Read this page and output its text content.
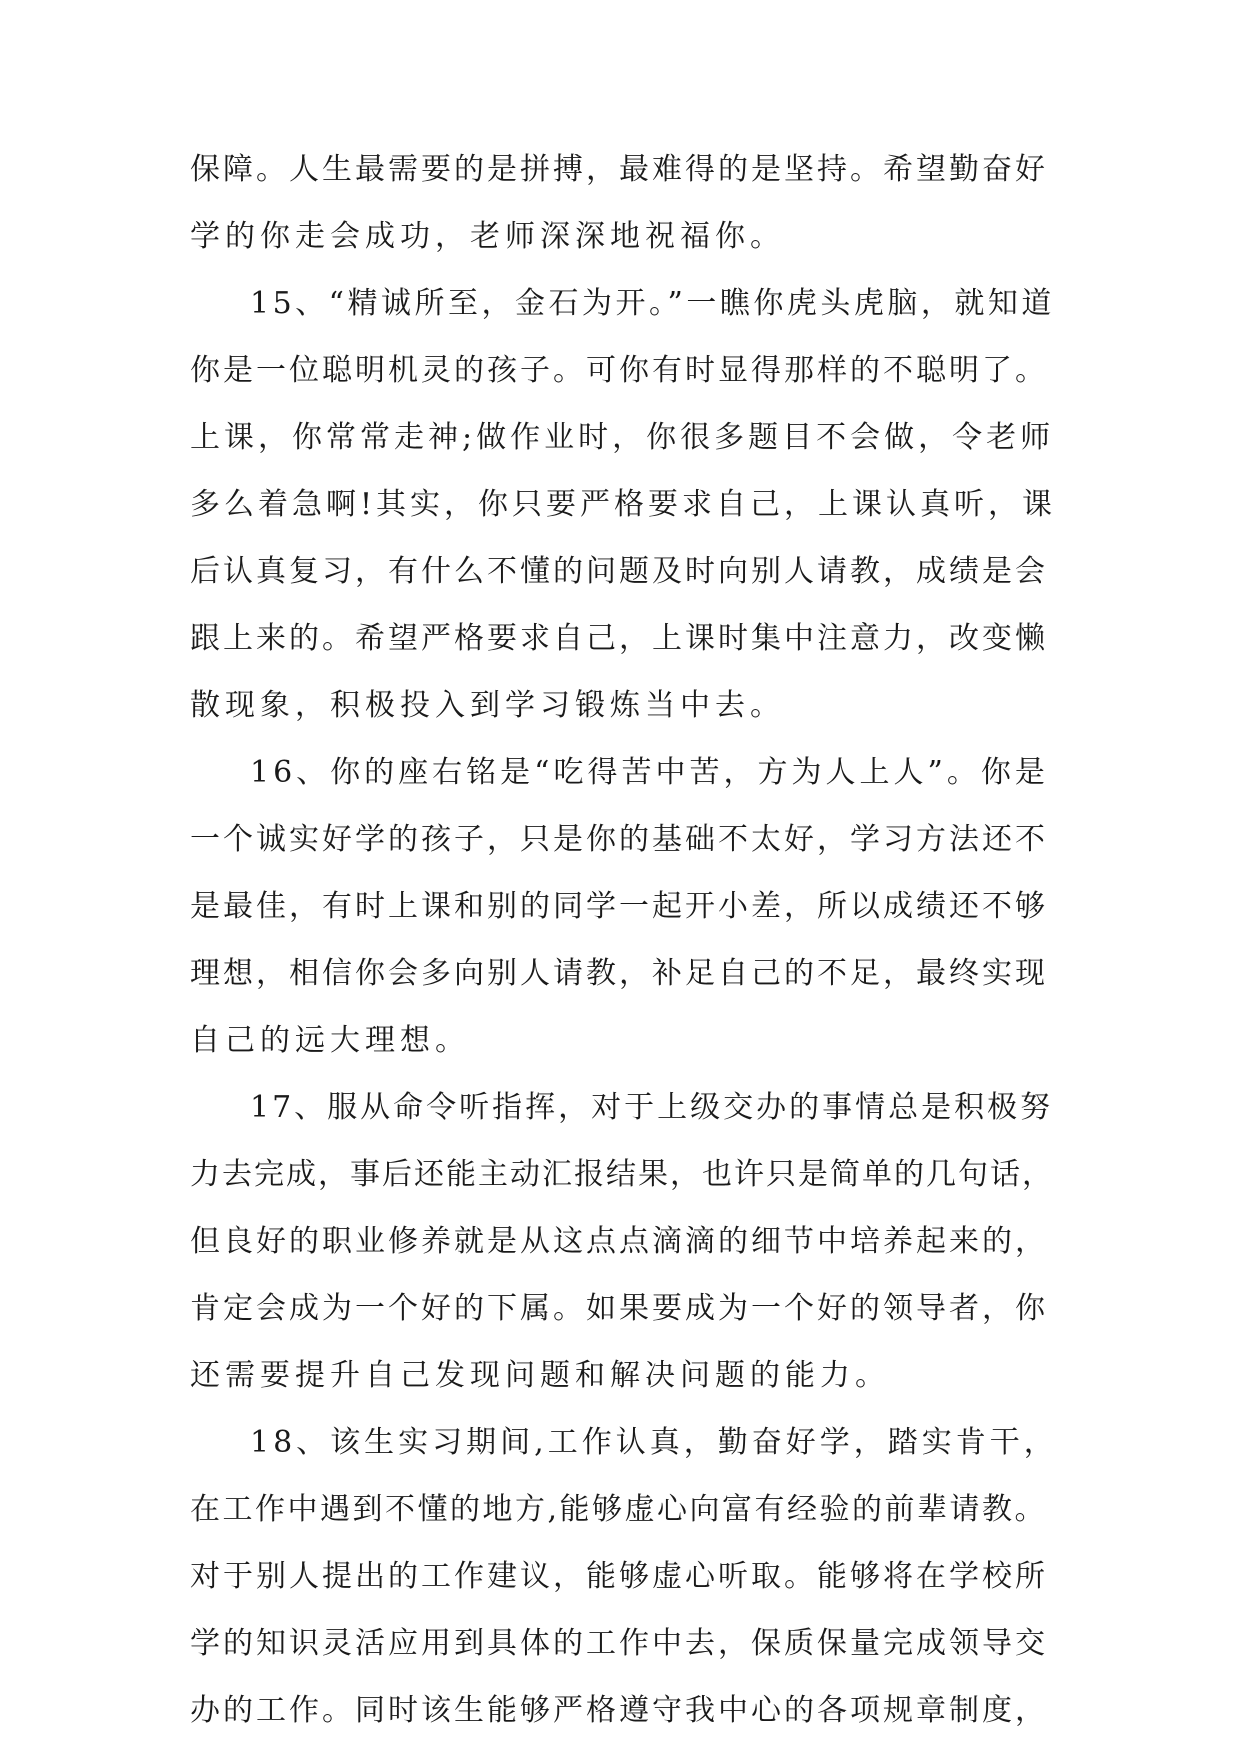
保障。人生最需要的是拼搏，最难得的是坚持。希望勤奋好
学的你走会成功，老师深深地祝福你。
15、“精诚所至，金石为开。”一瞧你虎头虎脑，就知道
你是一位聪明机灵的孩子。可你有时显得那样的不聪明了。
上课，你常常走神;做作业时，你很多题目不会做，令老师
多么着急啊!其实，你只要严格要求自己，上课认真听，课
后认真复习，有什么不懂的问题及时向别人请教，成绩是会
跟上来的。希望严格要求自己，上课时集中注意力，改变懒
散现象，积极投入到学习锻炼当中去。
16、你的座右铭是“吃得苦中苦，方为人上人”。你是
一个诚实好学的孩子，只是你的基础不太好，学习方法还不
是最佳，有时上课和别的同学一起开小差，所以成绩还不够
理想，相信你会多向别人请教，补足自己的不足，最终实现
自己的远大理想。
17、服从命令听指挥，对于上级交办的事情总是积极努
力去完成，事后还能主动汇报结果，也许只是简单的几句话，
但良好的职业修养就是从这点点滴滴的细节中培养起来的，
肯定会成为一个好的下属。如果要成为一个好的领导者，你
还需要提升自己发现问题和解决问题的能力。
18、该生实习期间,工作认真，勤奋好学，踏实肯干，
在工作中遇到不懂的地方,能够虚心向富有经验的前辈请教。
对于别人提出的工作建议，能够虚心听取。能够将在学校所
学的知识灵活应用到具体的工作中去，保质保量完成领导交
办的工作。同时该生能够严格遵守我中心的各项规章制度，
